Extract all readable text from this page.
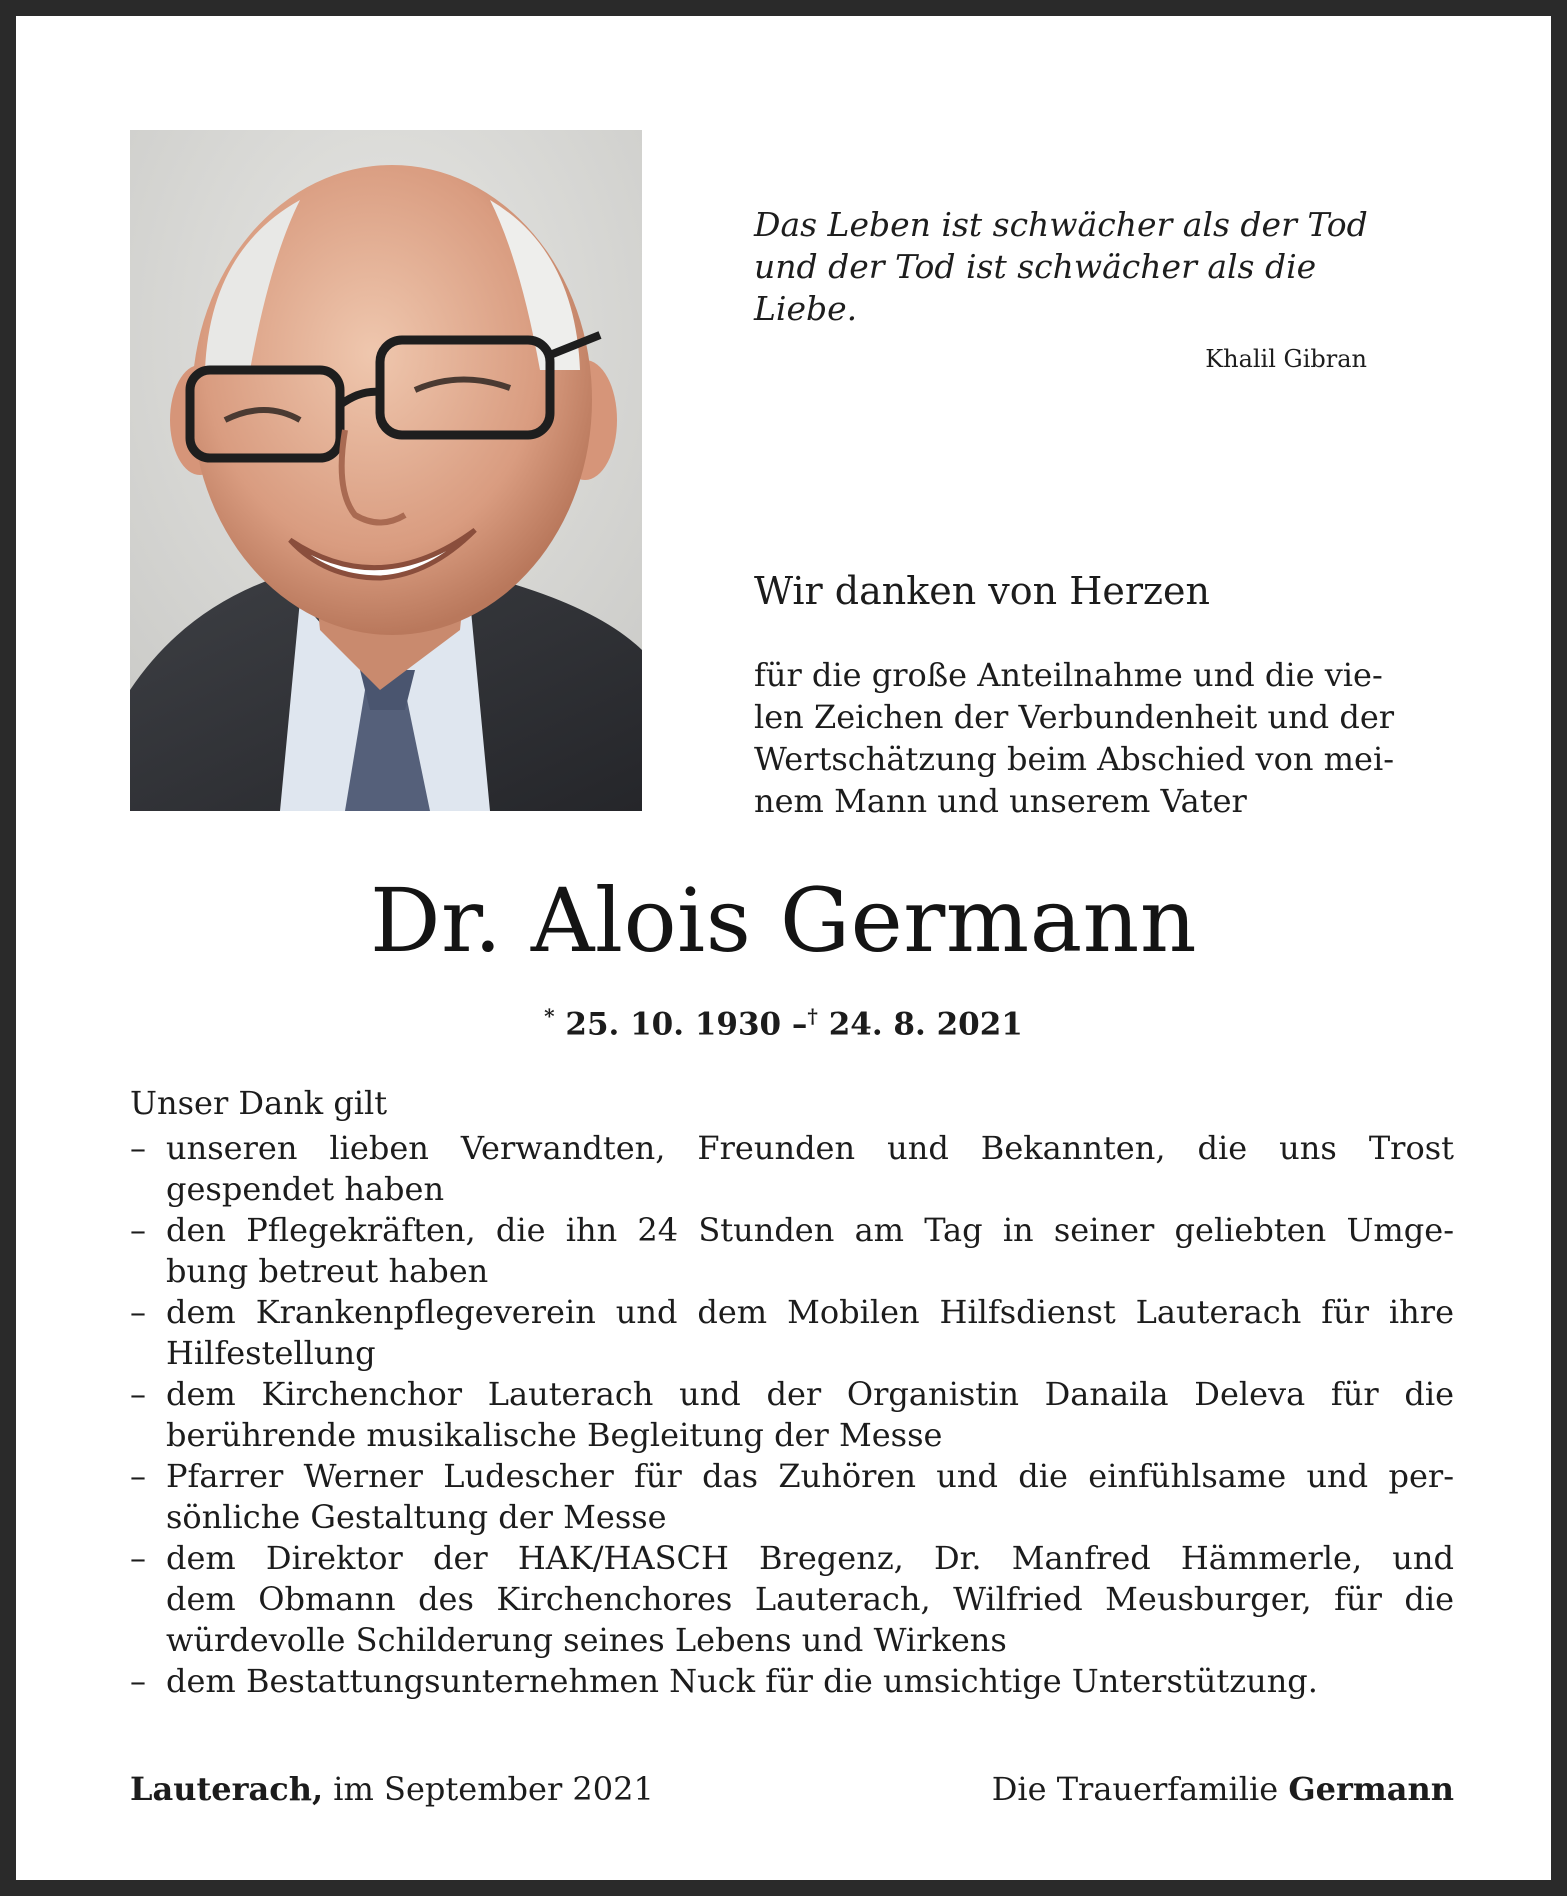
Das Leben ist schwächer als der Tod
und der Tod ist schwächer als die Liebe.
Khalil Gibran
Wir danken von Herzen
für die große Anteilnahme und die vie-
len Zeichen der Verbundenheit und der
Wertschätzung beim Abschied von mei-
nem Mann und unserem Vater
Dr. Alois Germann
* 25. 10. 1930 –† 24. 8. 2021
Unser Dank gilt
– unseren lieben Verwandten, Freunden und Bekannten, die uns Trost
gespendet haben
– den Pflegekräften, die ihn 24 Stunden am Tag in seiner geliebten Umge-
bung betreut haben
– dem Krankenpflegeverein und dem Mobilen Hilfsdienst Lauterach für ihre
Hilfestellung
– dem Kirchenchor Lauterach und der Organistin Danaila Deleva für die
berührende musikalische Begleitung der Messe
– Pfarrer Werner Ludescher für das Zuhören und die einfühlsame und per-
sönliche Gestaltung der Messe
– dem Direktor der HAK/HASCH Bregenz, Dr. Manfred Hämmerle, und
dem Obmann des Kirchenchores Lauterach, Wilfried Meusburger, für die
würdevolle Schilderung seines Lebens und Wirkens
– dem Bestattungsunternehmen Nuck für die umsichtige Unterstützung.
Lauterach, im September 2021	Die Trauerfamilie Germann
